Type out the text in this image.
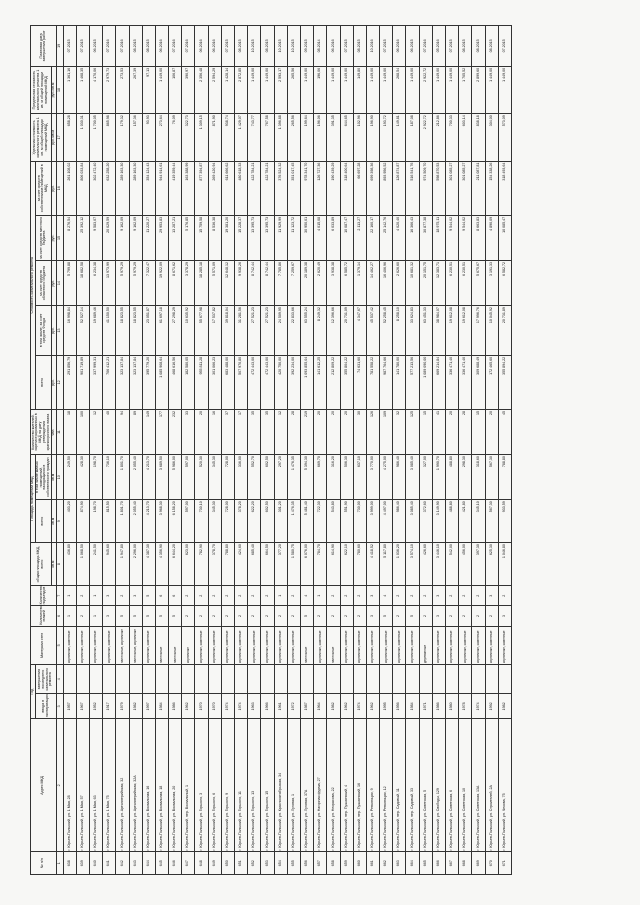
№ п/п	Адрес МКД	Год		Материал стен	Количество этажей	Количество подъездов	общая площадь МКД, всего	Площадь помещений МКД		Количество жителей, зарегистрированных в МКД на дату утверждения краткосрочного плана	Стоимость капитального ремонта					Удельная стоимость капитального ремонта 1 кв. м общей площади помещений МКД	Предельная стоимость капитального ремонта 1 кв. м общей площади помещений МКД	Плановая дата завершения работ
		ввода в эксплуатацию	завершения последнего капитального ремонта					всего	в том числе жилых помещений, находящихся в собственности граждан		всего	в том числе: за счет средств Фонда	за счет средств областного бюджета	за счет средств местного бюджета	за счет средств собственников помещений в МКД			
							кв.м	кв.м	кв.м	чел.	руб.	руб.	руб.	руб.	руб.	руб./кв.м	руб./кв.м	
1	2	3	4	5	6	7	8	9	10	11	12	13	14	15	16	17	18	19
638	г. Юрьев-Польский, ул. 1 Мая, 28	1957		кирпичные, каменные	1	1	436,80	403,20	249,50	18	291 856,79	16 998,84	5 799,88	8 276,54	261 108,02	658,28	1 361,16	07.2015
639	г. Юрьев-Польский, ул. 1 Мая, 57	1967		кирпичные, каменные	2	2	1 068,50	874,90	428,30	100	901 719,89	52 527,14	18 682,58	25 392,12	806 033,84	1 030,31	1 468,35	07.2015
640	г. Юрьев-Польский, ул. 1 Мая, 63	1952		кирпичные, каменные	1	1	241,50	198,70	198,70	12	337 999,31	19 689,46	6 234,38	9 583,07	302 472,40	1 700,05	4 170,06	06.2015
641	г. Юрьев-Польский, ул. 1 Мая, 75	1917		кирпичные, каменные	3	3	945,60	815,50	736,10	40	706 412,21	41 150,50	13 973,99	20 029,59	632 258,20	865,98	2 979,73	07.2016
642	г. Юрьев-Польский, ул. Артиллерийская, 32	1979		панельные, кирпичные	5	2	1 947,80	1 801,70	1 801,70	94	323 137,84	18 823,55	5 979,29	9 162,09	289 163,30	179,32	273,53	07.2016
643	г. Юрьев-Польский, ул. Артиллерийская, 32А	1982		панельные, кирпичные	5	3	2 296,00	2 055,40	2 055,40	89	323 137,84	18 823,55	5 979,29	9 162,09	289 163,30	157,36	267,39	08.2015
644	г. Юрьев-Польский, ул. Вокзальная, 16	1997		кирпичные, каменные	5	5	4 387,30	4 213,70	4 213,70	149	395 779,20	23 051,87	7 322,47	11 220,27	354 124,43	93,93	97,13	08.2015
645	г. Юрьев-Польский, ул. Вокзальная, 18	1984		панельные	5	6	4 356,90	3 968,30	3 689,50	177	1 085 908,64	61 697,18	19 922,09	29 953,83	944 914,61	273,64	1 449,00	06.2016
646	г. Юрьев-Польский, ул. Вокзальная, 20	1986		панельные	5	6	6 644,20	6 158,20	5 986,00	232	468 616,56	27 298,29	8 671,62	13 287,21	419 359,44	76,09	106,87	07.2016
647	г. Юрьев-Польский, пер. Вокзальный, 1	1962		кирпичные	2	2	623,00	597,00	597,00	33	182 580,05	10 635,92	3 378,29	5 176,85	163 388,99	322,73	390,97	07.2016
648	г. Юрьев-Польский, ул. Горького, 3	1970		кирпичные, каменные	2	2	782,90	730,10	520,30	20	955 811,28	55 677,98	18 285,18	15 759,58	877 394,87	1 309,15	2 356,48	06.2016
649	г. Юрьев-Польский, ул. Горького, 6	1970		кирпичные, каменные	2	2	378,70	345,30	345,30	16	301 066,23	17 537,82	5 571,09	8 536,38	269 420,94	871,90	2 594,29	06.2016
650	г. Юрьев-Польский, ул. Горького, 9	1974		кирпичные, каменные	2	2	788,80	728,00	728,00	37	683 488,00	39 818,04	12 648,12	19 381,20	611 666,62	938,74	1 428,14	07.2015
651	г. Юрьев-Польский, ул. Горького, 11	1974		кирпичные, каменные	2	2	424,60	378,20	336,00	17	507 970,80	31 281,56	9 938,26	15 228,37	480 618,33	1 429,07	2 872,85	08.2015
652	г. Юрьев-Польский, ул. Горького, 13	1963		кирпичные, каменные	2	2	685,40	622,20	552,70	35	472 443,00	27 521,23	8 742,44	13 395,73	422 784,21	743,77	1 449,00	10.2015
653	г. Юрьев-Польский, ул. Горького, 15	1966		кирпичные, каменные	2	2	664,50	602,50	602,50	35	472 443,00	27 521,23	8 742,44	13 395,73	422 784,21	767,58	1 449,00	08.2015
654	г. Юрьев-Польский, ул. Краснооктябрьская, 34	1961		кирпичные, каменные	2	1	377,20	301,20	297,20	12	420 750,00	24 509,95	7 785,86	11 929,99	376 524,32	1 396,88	2 593,17	10.2015
655	г. Юрьев-Польский, ул. Луговая, 1	1972		кирпичные, каменные	2	2	1 580,75	1 476,35	1 476,35	28	392 234,00	22 833,66	7 259,67	11 123,72	351 017,45	265,56	265,56	10.2015
656	г. Юрьев-Польский, ул. Луговая, 37А	1987		панельные	5	4	6 076,00	5 481,40	5 394,30	219	1 093 855,04	63 555,24	20 189,38	30 950,01	978 341,70	199,64	1 449,00	09.2015
657	г. Юрьев-Польский, ул. Нагорная фурма, 27	1964		кирпичные, каменные	2	1	784,70	722,30	669,70	20	141 612,25	8 249,32	2 620,49	4 015,08	126 727,36	196,06	196,06	08.2014
658	г. Юрьев-Польский, ул. Некрасова, 22	1982		панельные	2	2	614,90	543,80	316,20	20	212 809,22	12 396,66	3 938,38	6 033,89	190 439,29	391,35	1 449,00	06.2016
659	г. Юрьев-Польский, пер. Пушкинский, 4	1962		кирпичные, каменные	2	2	622,10	551,90	506,30	20	355 804,22	20 731,09	6 585,72	10 087,47	318 400,64	644,65	1 449,00	07.2015
660	г. Юрьев-Польский, пер. Пушкинский, 16	1974		кирпичные, каменные	2	2	780,60	730,00	637,10	30	74 631,60	4 347,67	1 379,14	2 113,27	66 697,28	102,96	149,80	08.2015
661	г. Юрьев-Польский, ул. Революции, 9	1962		кирпичные, каменные	3	3	4 418,52	3 999,00	3 770,00	126	781 558,22	45 537,42	14 462,27	22 160,17	699 398,36	196,90	1 449,00	10.2016
662	г. Юрьев-Польский, ул. Революции, 12	1995		кирпичные, каменные	5	4	5 117,80	4 497,00	4 275,00	109	987 764,66	52 258,45	16 406,96	25 142,76	893 956,52	193,72	1 449,00	07.2015
663	г. Юрьев-Польский, пер. Садовый, 11	1956		кирпичные, каменные	2	2	1 036,20	986,40	986,40	32	141 780,00	8 258,10	2 626,60	4 020,40	126 874,87	149,81	268,54	06.2016
664	г. Юрьев-Польский, пер. Садовый, 33	1984		кирпичные, каменные	5	2	3 574,10	3 085,40	3 085,40	125	577 213,56	33 624,83	10 681,32	16 366,43	516 541,76	187,08	1 449,00	06.2015
665	г. Юрьев-Польский, ул. Советская, 5	1971		деревянные	2	2	426,60	372,60	327,00	15	1 089 090,00	63 451,33	20 151,75	30 877,38	974 509,70	2 922,72	2 922,72	07.2016
666	г. Юрьев-Польский, ул. Свободы, 129	1986		кирпичные, каменные	3	3	3 446,10	3 149,90	1 990,70	41	669 214,84	38 984,07	12 383,71	18 975,11	598 870,53	212,86	1 449,00	05.2016
667	г. Юрьев-Польский, ул. Советская, 6	1980		кирпичные, каменные	2	2	542,00	488,80	488,80	20	336 471,40	19 612,08	6 230,51	9 544,02	301 085,27	700,33	1 449,00	07.2015
668	г. Юрьев-Польский, ул. Советская, 10	1978		кирпичные, каменные	2	2	456,00	421,80	298,30	28	336 471,40	19 612,08	6 230,51	9 544,02	301 085,27	603,14	1 705,52	08.2015
669	г. Юрьев-Польский, ул. Советская, 13А	1974		кирпичные, каменные	2	2	397,30	345,10	318,60	15	309 688,49	17 996,76	5 675,67	8 663,83	211 087,81	838,18	2 899,60	08.2015
670	г. Юрьев-Польский, ул. Строителей, 2А	1992		кирпичные, каменные	2	3	625,30	567,30	567,30	20	172 465,60	10 045,92	3 191,33	4 890,09	154 338,26	304,00	1 449,00	08.2015
671	г. Юрьев-Польский, ул. Чехова, 75	1982		кирпичные, каменные	3	2	1 046,80	933,59	788,80	45	355 894,22	20 731,89	6 582,72	10 085,47	318 493,64	573,09	1 449,00	07.2015
